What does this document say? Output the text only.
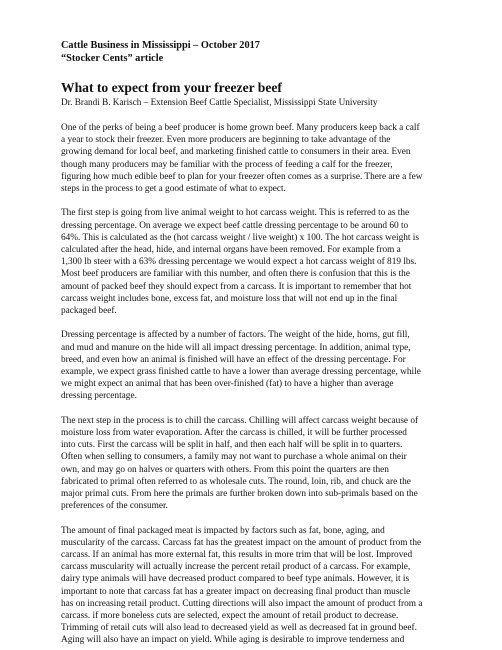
Cattle Business in Mississippi – October 2017
“Stocker Cents” article
What to expect from your freezer beef
Dr. Brandi B. Karisch – Extension Beef Cattle Specialist, Mississippi State University
One of the perks of being a beef producer is home grown beef. Many producers keep back a calf
a year to stock their freezer. Even more producers are beginning to take advantage of the
growing demand for local beef, and marketing finished cattle to consumers in their area. Even
though many producers may be familiar with the process of feeding a calf for the freezer,
figuring how much edible beef to plan for your freezer often comes as a surprise. There are a few
steps in the process to get a good estimate of what to expect.
The first step is going from live animal weight to hot carcass weight. This is referred to as the
dressing percentage. On average we expect beef cattle dressing percentage to be around 60 to
64%. This is calculated as the (hot carcass weight / live weight) x 100. The hot carcass weight is
calculated after the head, hide, and internal organs have been removed. For example from a
1,300 lb steer with a 63% dressing percentage we would expect a hot carcass weight of 819 lbs.
Most beef producers are familiar with this number, and often there is confusion that this is the
amount of packed beef they should expect from a carcass. It is important to remember that hot
carcass weight includes bone, excess fat, and moisture loss that will not end up in the final
packaged beef.
Dressing percentage is affected by a number of factors. The weight of the hide, horns, gut fill,
and mud and manure on the hide will all impact dressing percentage. In addition, animal type,
breed, and even how an animal is finished will have an effect of the dressing percentage. For
example, we expect grass finished cattle to have a lower than average dressing percentage, while
we might expect an animal that has been over-finished (fat) to have a higher than average
dressing percentage.
The next step in the process is to chill the carcass. Chilling will affect carcass weight because of
moisture loss from water evaporation. After the carcass is chilled, it will be further processed
into cuts. First the carcass will be split in half, and then each half will be split in to quarters.
Often when selling to consumers, a family may not want to purchase a whole animal on their
own, and may go on halves or quarters with others. From this point the quarters are then
fabricated to primal often referred to as wholesale cuts. The round, loin, rib, and chuck are the
major primal cuts. From here the primals are further broken down into sub-primals based on the
preferences of the consumer.
The amount of final packaged meat is impacted by factors such as fat, bone, aging, and
muscularity of the carcass. Carcass fat has the greatest impact on the amount of product from the
carcass. If an animal has more external fat, this results in more trim that will be lost. Improved
carcass muscularity will actually increase the percent retail product of a carcass. For example,
dairy type animals will have decreased product compared to beef type animals. However, it is
important to note that carcass fat has a greater impact on decreasing final product than muscle
has on increasing retail product. Cutting directions will also impact the amount of product from a
carcass. if more boneless cuts are selected, expect the amount of retail product to decrease.
Trimming of retail cuts will also lead to decreased yield as well as decreased fat in ground beef.
Aging will also have an impact on yield. While aging is desirable to improve tenderness and
